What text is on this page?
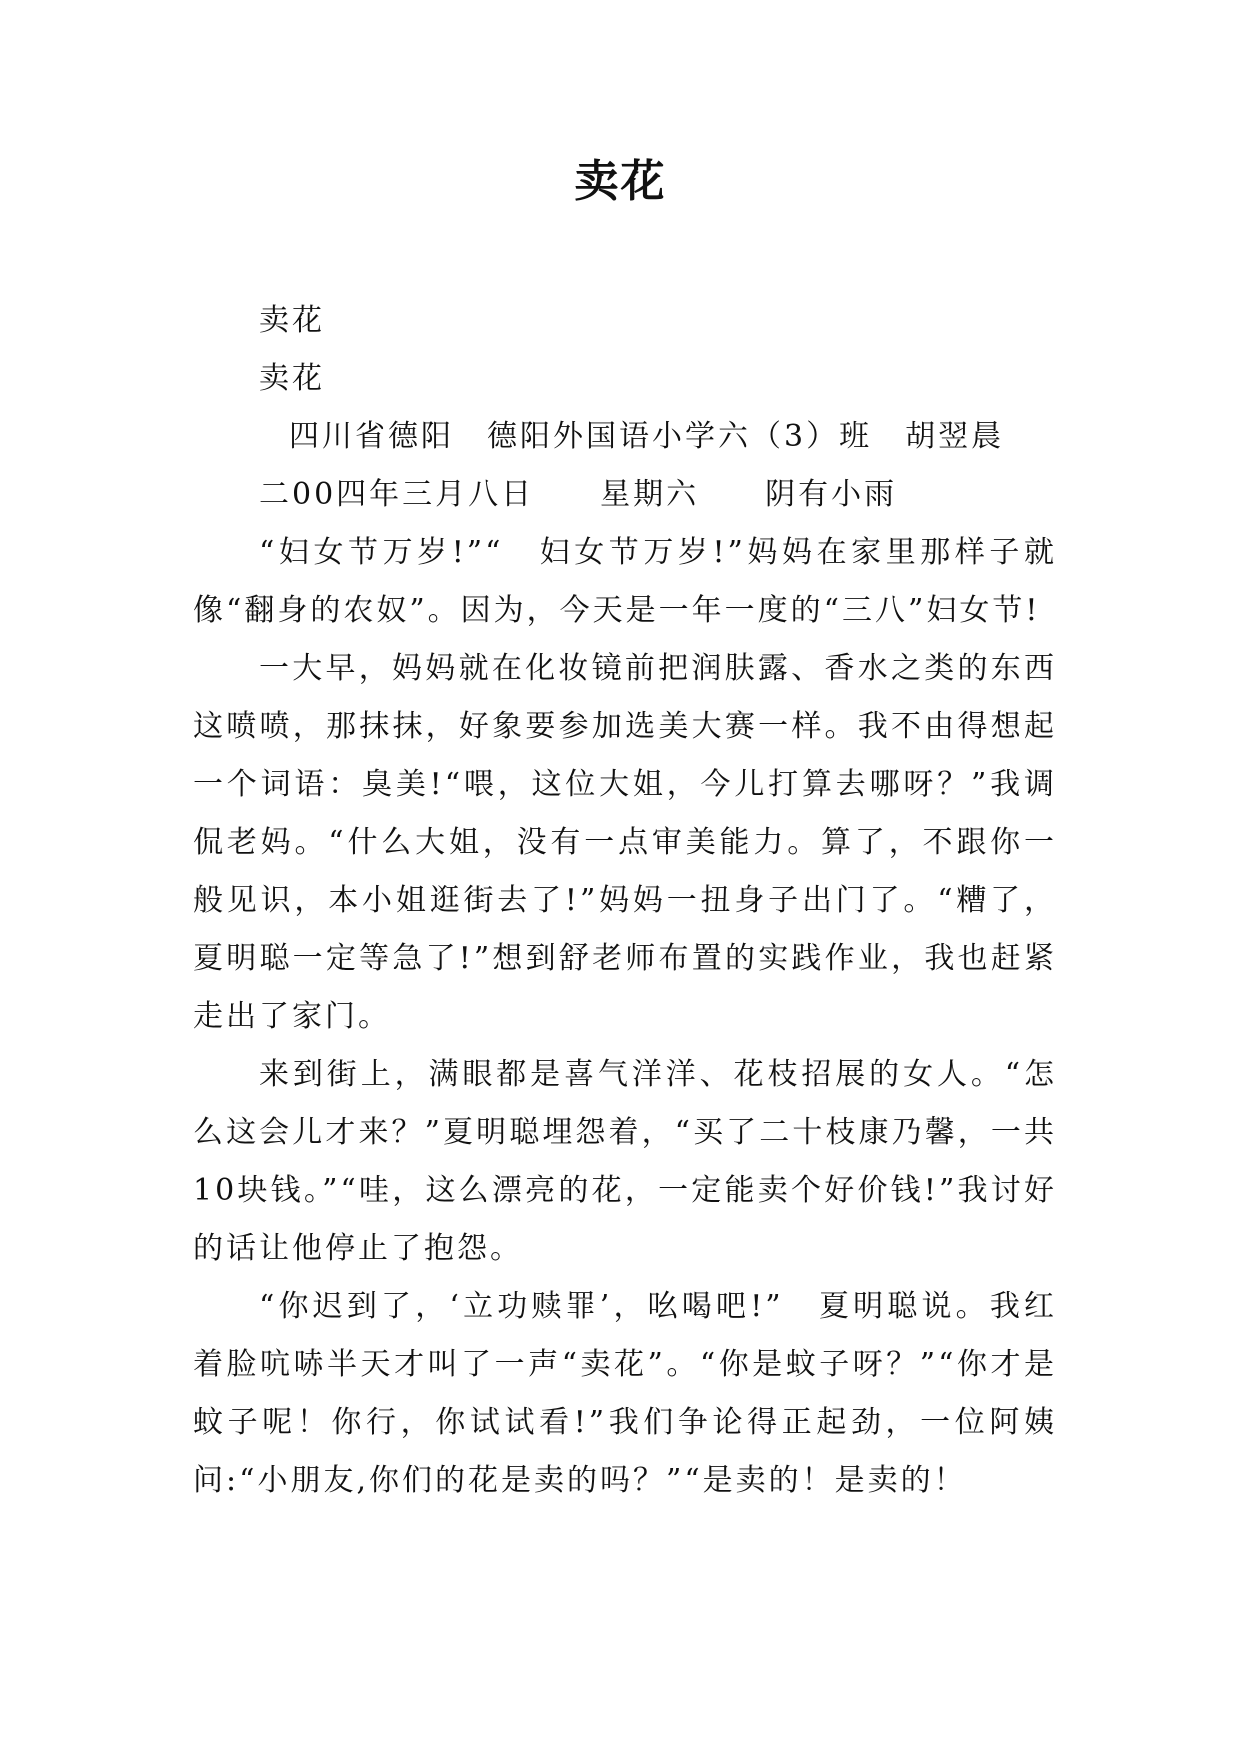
卖花

卖花

卖花

四川省德阳　德阳外国语小学六（3）班　胡翌晨

二00四年三月八日　　星期六　　阴有小雨

“妇女节万岁!”“　妇女节万岁!”妈妈在家里那样子就像“翻身的农奴”。因为，今天是一年一度的“三八”妇女节!

一大早，妈妈就在化妆镜前把润肤露、香水之类的东西这喷喷，那抹抹，好象要参加选美大赛一样。我不由得想起一个词语：臭美!“喂，这位大姐，今儿打算去哪呀？”我调侃老妈。“什么大姐，没有一点审美能力。算了，不跟你一般见识，本小姐逛街去了!”妈妈一扭身子出门了。“糟了，夏明聪一定等急了!”想到舒老师布置的实践作业，我也赶紧走出了家门。

来到街上，满眼都是喜气洋洋、花枝招展的女人。“怎么这会儿才来？”夏明聪埋怨着，“买了二十枝康乃馨，一共10块钱。”“哇，这么漂亮的花，一定能卖个好价钱!”我讨好的话让他停止了抱怨。

“你迟到了，‘立功赎罪’，吆喝吧!”　夏明聪说。我红着脸吭哧半天才叫了一声“卖花”。“你是蚊子呀？”“你才是蚊子呢！你行，你试试看!”我们争论得正起劲，一位阿姨问:“小朋友,你们的花是卖的吗？”“是卖的！是卖的！
